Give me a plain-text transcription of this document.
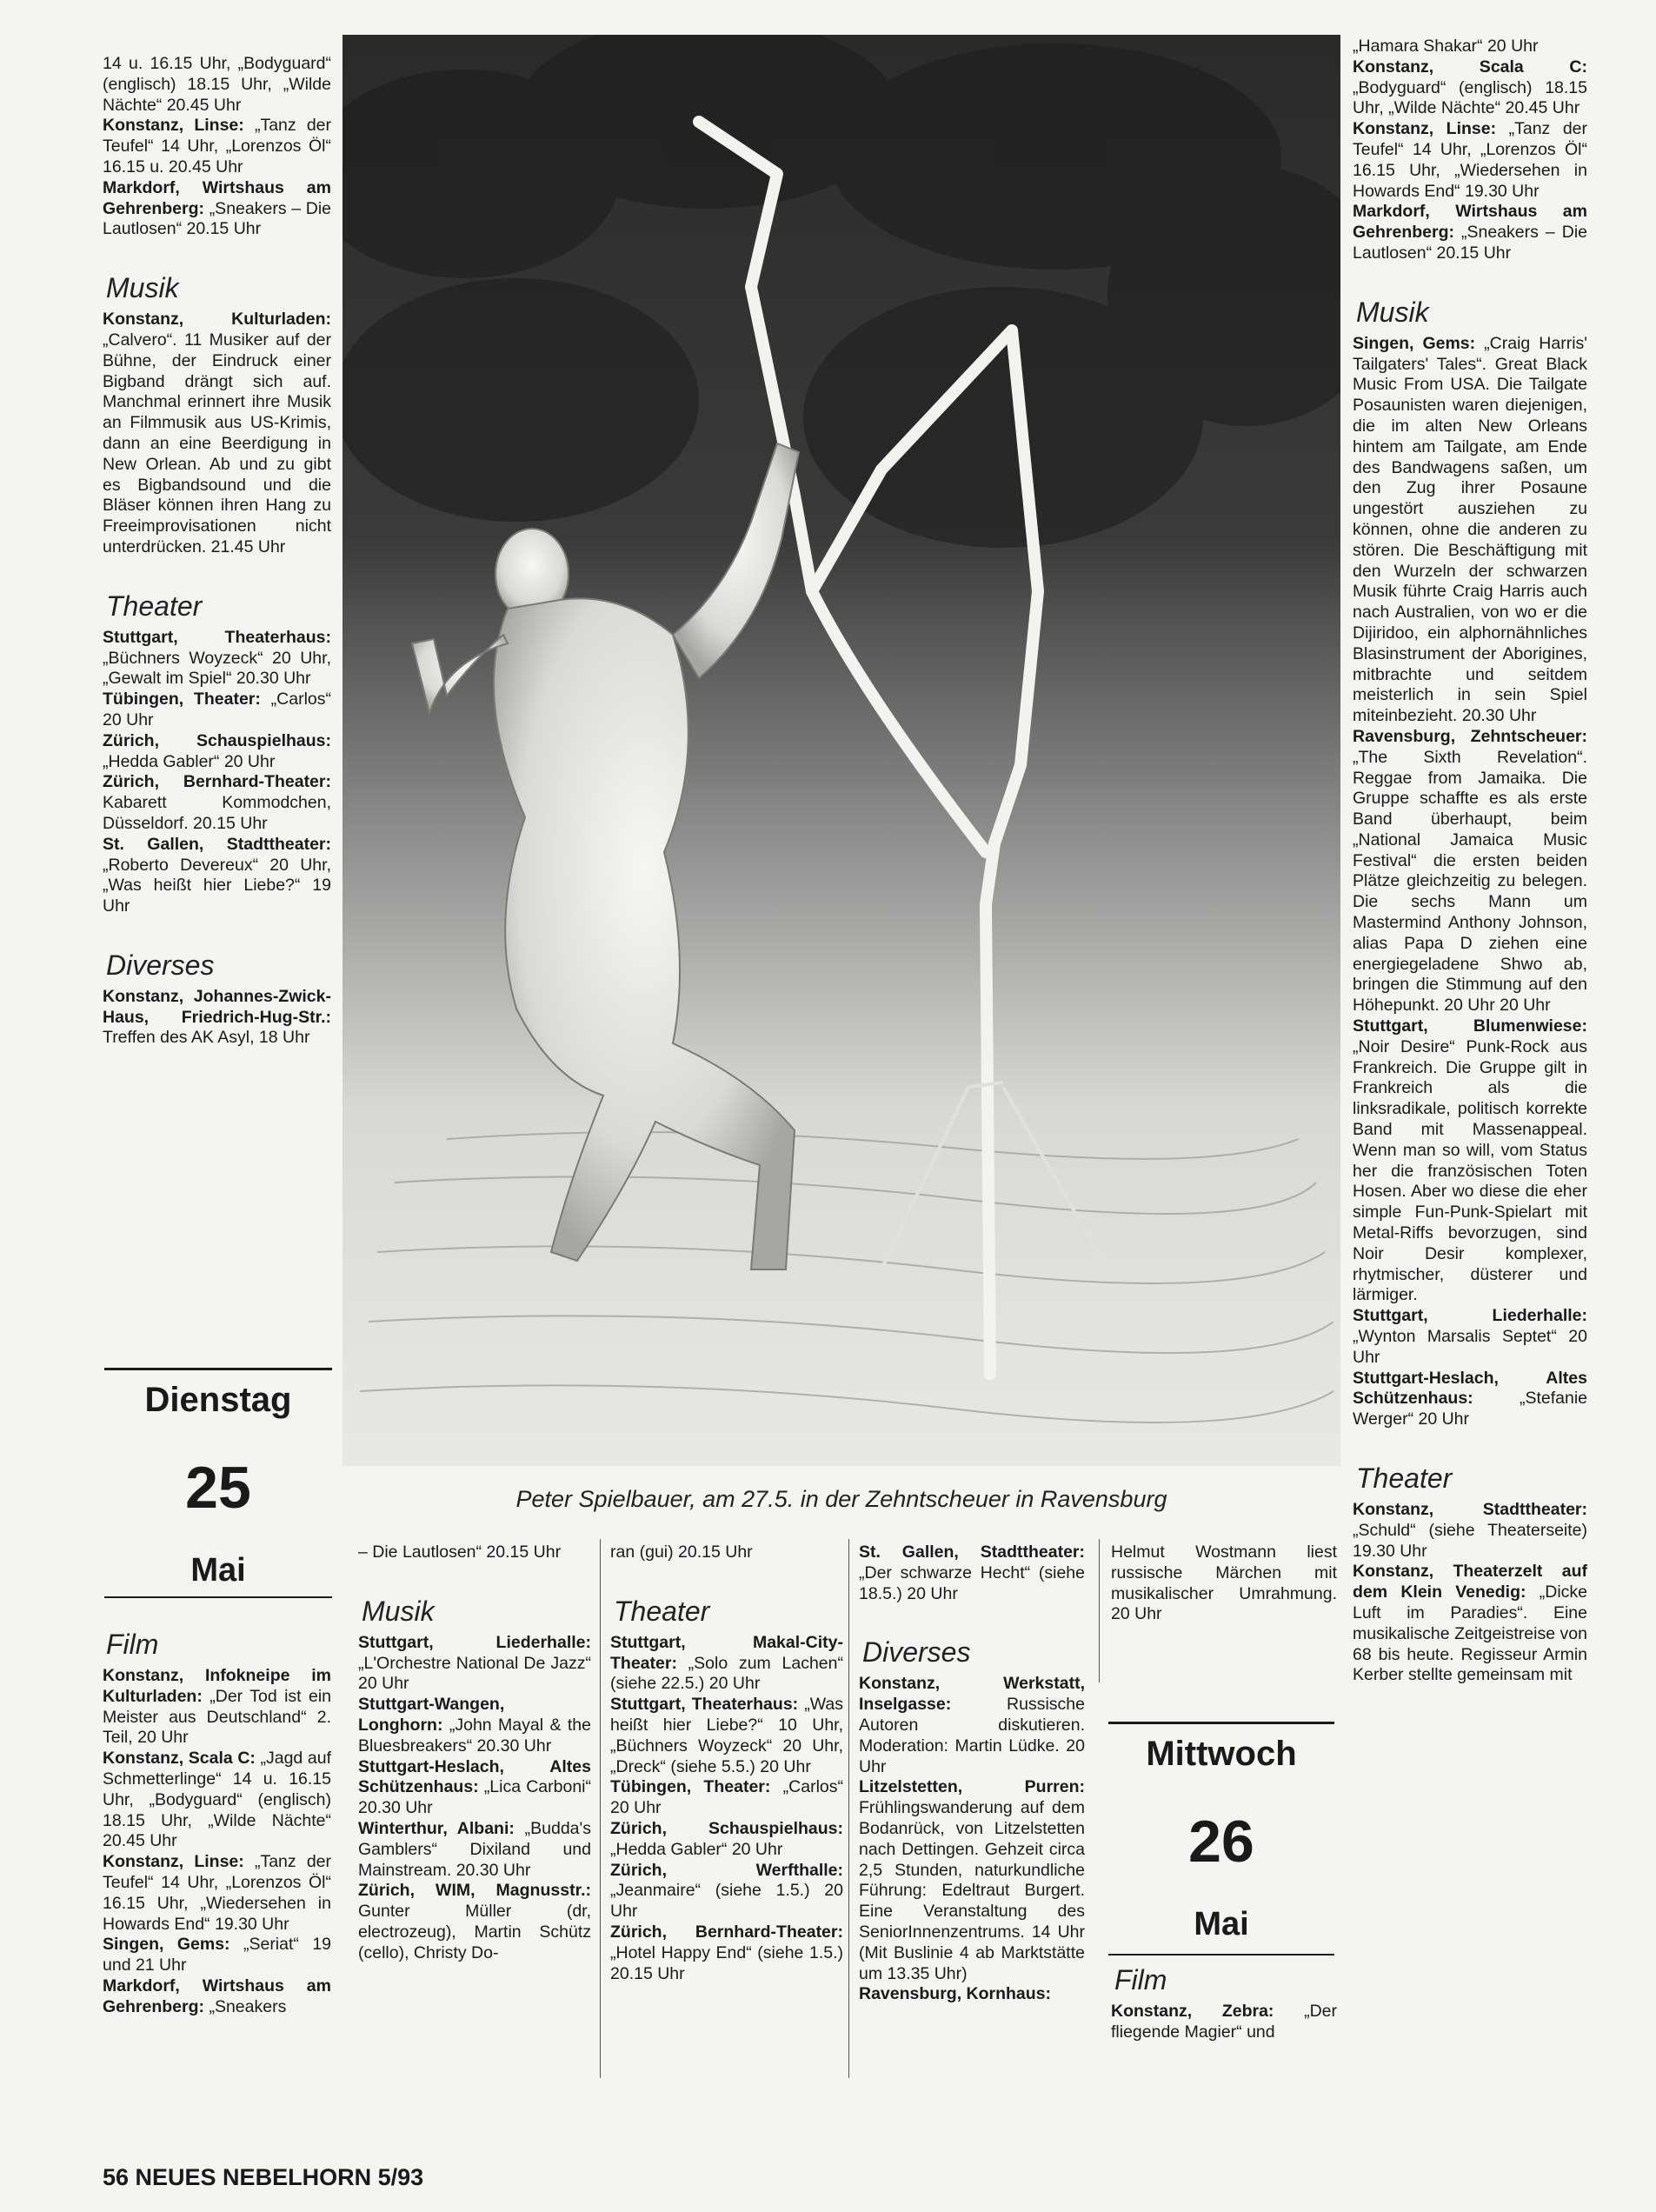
14 u. 16.15 Uhr, „Bodyguard“ (englisch) 18.15 Uhr, „Wilde Nächte“ 20.45 Uhr

Konstanz, Linse: „Tanz der Teufel“ 14 Uhr, „Lorenzos Öl“ 16.15 u. 20.45 Uhr

Markdorf, Wirtshaus am Gehrenberg: „Sneakers – Die Lautlosen“ 20.15 Uhr

Musik

Konstanz, Kulturladen: „Calvero“. 11 Musiker auf der Bühne, der Eindruck einer Bigband drängt sich auf. Manchmal erinnert ihre Musik an Filmmusik aus US-Krimis, dann an eine Beerdigung in New Orlean. Ab und zu gibt es Bigbandsound und die Bläser können ihren Hang zu Freeimprovisationen nicht unterdrücken. 21.45 Uhr

Theater

Stuttgart, Theaterhaus: „Büchners Woyzeck“ 20 Uhr, „Gewalt im Spiel“ 20.30 Uhr

Tübingen, Theater: „Carlos“ 20 Uhr

Zürich, Schauspielhaus: „Hedda Gabler“ 20 Uhr

Zürich, Bernhard-Theater: Kabarett Kommodchen, Düsseldorf. 20.15 Uhr

St. Gallen, Stadttheater: „Roberto Devereux“ 20 Uhr, „Was heißt hier Liebe?“ 19 Uhr

Diverses

Konstanz, Johannes-Zwick-Haus, Friedrich-Hug-Str.: Treffen des AK Asyl, 18 Uhr

Dienstag
25
Mai
Film

Konstanz, Infokneipe im Kulturladen: „Der Tod ist ein Meister aus Deutschland“ 2. Teil, 20 Uhr

Konstanz, Scala C: „Jagd auf Schmetterlinge“ 14 u. 16.15 Uhr, „Bodyguard“ (englisch) 18.15 Uhr, „Wilde Nächte“ 20.45 Uhr

Konstanz, Linse: „Tanz der Teufel“ 14 Uhr, „Lorenzos Öl“ 16.15 Uhr, „Wiedersehen in Howards End“ 19.30 Uhr

Singen, Gems: „Seriat“ 19 und 21 Uhr

Markdorf, Wirtshaus am Gehrenberg: „Sneakers

Peter Spielbauer, am 27.5. in der Zehntscheuer in Ravensburg

– Die Lautlosen“ 20.15 Uhr

Musik

Stuttgart, Liederhalle: „L'Orchestre National De Jazz“ 20 Uhr

Stuttgart-Wangen, Longhorn: „John Mayal & the Bluesbreakers“ 20.30 Uhr

Stuttgart-Heslach, Altes Schützenhaus: „Lica Carboni“ 20.30 Uhr

Winterthur, Albani: „Budda's Gamblers“ Dixiland und Mainstream. 20.30 Uhr

Zürich, WIM, Magnusstr.: Gunter Müller (dr, electrozeug), Martin Schütz (cello), Christy Do-

ran (gui) 20.15 Uhr

Theater

Stuttgart, Makal-City-Theater: „Solo zum Lachen“ (siehe 22.5.) 20 Uhr

Stuttgart, Theaterhaus: „Was heißt hier Liebe?“ 10 Uhr, „Büchners Woyzeck“ 20 Uhr, „Dreck“ (siehe 5.5.) 20 Uhr

Tübingen, Theater: „Carlos“ 20 Uhr

Zürich, Schauspielhaus: „Hedda Gabler“ 20 Uhr

Zürich, Werfthalle: „Jeanmaire“ (siehe 1.5.) 20 Uhr

Zürich, Bernhard-Theater: „Hotel Happy End“ (siehe 1.5.) 20.15 Uhr

St. Gallen, Stadttheater: „Der schwarze Hecht“ (siehe 18.5.) 20 Uhr

Diverses

Konstanz, Werkstatt, Inselgasse: Russische Autoren diskutieren. Moderation: Martin Lüdke. 20 Uhr

Litzelstetten, Purren: Frühlingswanderung auf dem Bodanrück, von Litzelstetten nach Dettingen. Gehzeit circa 2,5 Stunden, naturkundliche Führung: Edeltraut Burgert. Eine Veranstaltung des SeniorInnenzentrums. 14 Uhr (Mit Buslinie 4 ab Marktstätte um 13.35 Uhr)

Ravensburg, Kornhaus:

Helmut Wostmann liest russische Märchen mit musikalischer Umrahmung. 20 Uhr

Mittwoch
26
Mai
Film

Konstanz, Zebra: „Der fliegende Magier“ und

„Hamara Shakar“ 20 Uhr

Konstanz, Scala C: „Bodyguard“ (englisch) 18.15 Uhr, „Wilde Nächte“ 20.45 Uhr

Konstanz, Linse: „Tanz der Teufel“ 14 Uhr, „Lorenzos Öl“ 16.15 Uhr, „Wiedersehen in Howards End“ 19.30 Uhr

Markdorf, Wirtshaus am Gehrenberg: „Sneakers – Die Lautlosen“ 20.15 Uhr

Musik

Singen, Gems: „Craig Harris' Tailgaters' Tales“. Great Black Music From USA. Die Tailgate Posaunisten waren diejenigen, die im alten New Orleans hintem am Tailgate, am Ende des Bandwagens saßen, um den Zug ihrer Posaune ungestört ausziehen zu können, ohne die anderen zu stören. Die Beschäftigung mit den Wurzeln der schwarzen Musik führte Craig Harris auch nach Australien, von wo er die Dijiridoo, ein alphornähnliches Blasinstrument der Aborigines, mitbrachte und seitdem meisterlich in sein Spiel miteinbezieht. 20.30 Uhr

Ravensburg, Zehntscheuer: „The Sixth Revelation“. Reggae from Jamaika. Die Gruppe schaffte es als erste Band überhaupt, beim „National Jamaica Music Festival“ die ersten beiden Plätze gleichzeitig zu belegen. Die sechs Mann um Mastermind Anthony Johnson, alias Papa D ziehen eine energiegeladene Shwo ab, bringen die Stimmung auf den Höhepunkt. 20 Uhr 20 Uhr

Stuttgart, Blumenwiese: „Noir Desire“ Punk-Rock aus Frankreich. Die Gruppe gilt in Frankreich als die linksradikale, politisch korrekte Band mit Massenappeal. Wenn man so will, vom Status her die französischen Toten Hosen. Aber wo diese die eher simple Fun-Punk-Spielart mit Metal-Riffs bevorzugen, sind Noir Desir komplexer, rhytmischer, düsterer und lärmiger.

Stuttgart, Liederhalle: „Wynton Marsalis Septet“ 20 Uhr

Stuttgart-Heslach, Altes Schützenhaus: „Stefanie Werger“ 20 Uhr

Theater

Konstanz, Stadttheater: „Schuld“ (siehe Theaterseite) 19.30 Uhr

Konstanz, Theaterzelt auf dem Klein Venedig: „Dicke Luft im Paradies“. Eine musikalische Zeitgeistreise von 68 bis heute. Regisseur Armin Kerber stellte gemeinsam mit

56 NEUES NEBELHORN 5/93
